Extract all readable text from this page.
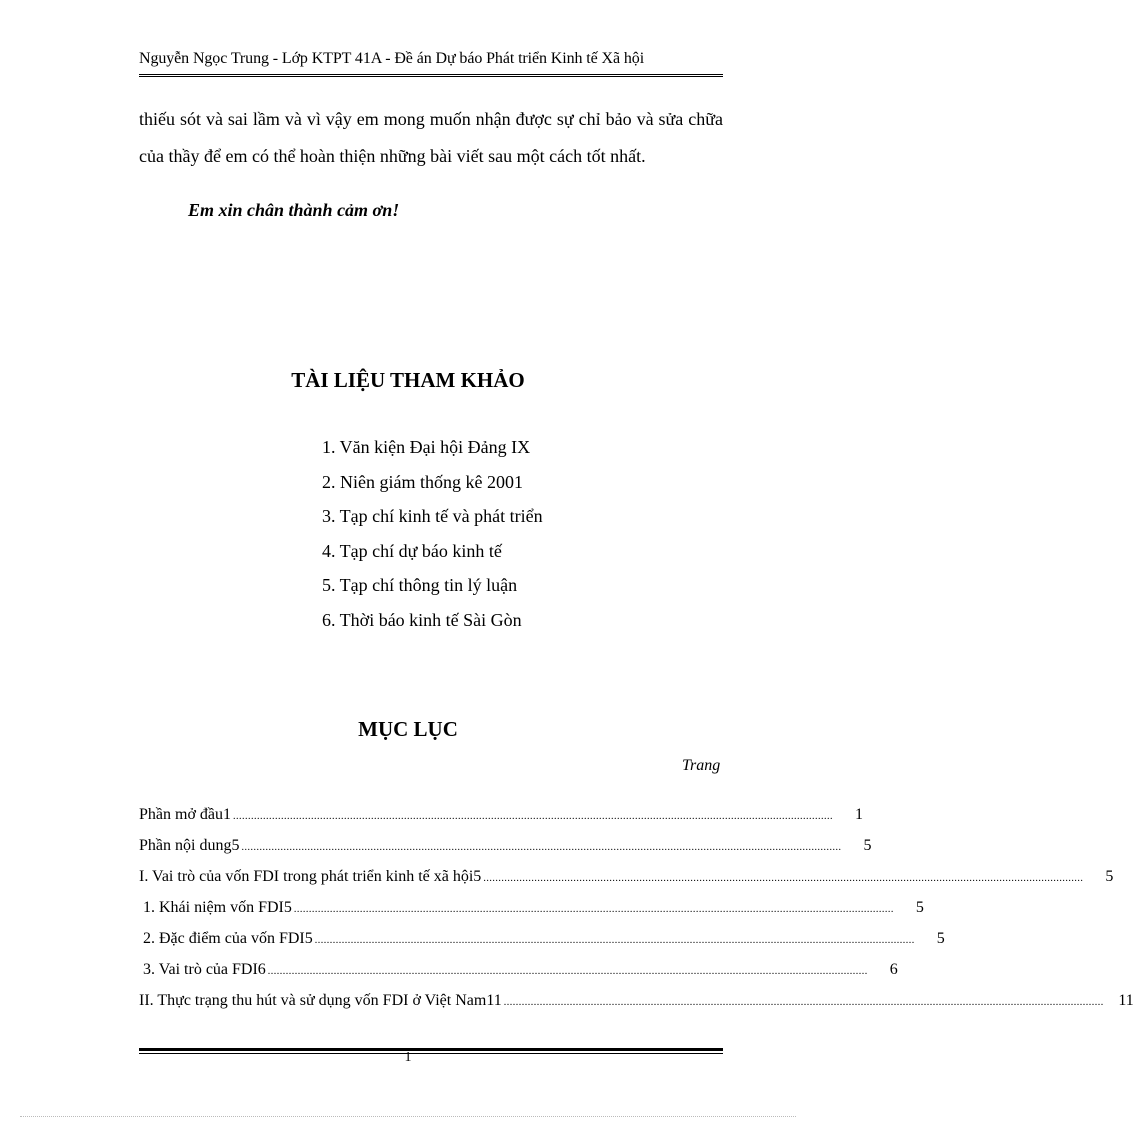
Nguyễn Ngọc Trung - Lớp KTPT 41A - Đề án Dự báo Phát triển Kinh tế Xã hội

thiếu sót và sai lầm và vì vậy em mong muốn nhận được sự chỉ bảo và sửa chữa của thầy để em có thể hoàn thiện những bài viết sau một cách tốt nhất.

Em xin chân thành cảm ơn!

TÀI LIỆU THAM KHẢO
1. Văn kiện Đại hội Đảng IX
2. Niên giám thống kê 2001
3. Tạp chí kinh tế và phát triển
4. Tạp chí dự báo kinh tế
5. Tạp chí thông tin lý luận
6. Thời báo kinh tế Sài Gòn
MỤC LỤC
Trang
Phần mở đầu1 ........................................................................................................................................................................................................	1
Phần nội dung5 ........................................................................................................................................................................................................	5
I. Vai trò của vốn FDI trong phát triển kinh tế xã hội5 ........................................................................................................................................................................................................	5
1. Khái niệm vốn FDI5 ........................................................................................................................................................................................................	5
2. Đặc điểm của vốn FDI5 ........................................................................................................................................................................................................	5
3. Vai trò của FDI6 ........................................................................................................................................................................................................	6
II. Thực trạng thu hút và sử dụng vốn FDI ở Việt Nam11 ........................................................................................................................................................................................................ 11
1
